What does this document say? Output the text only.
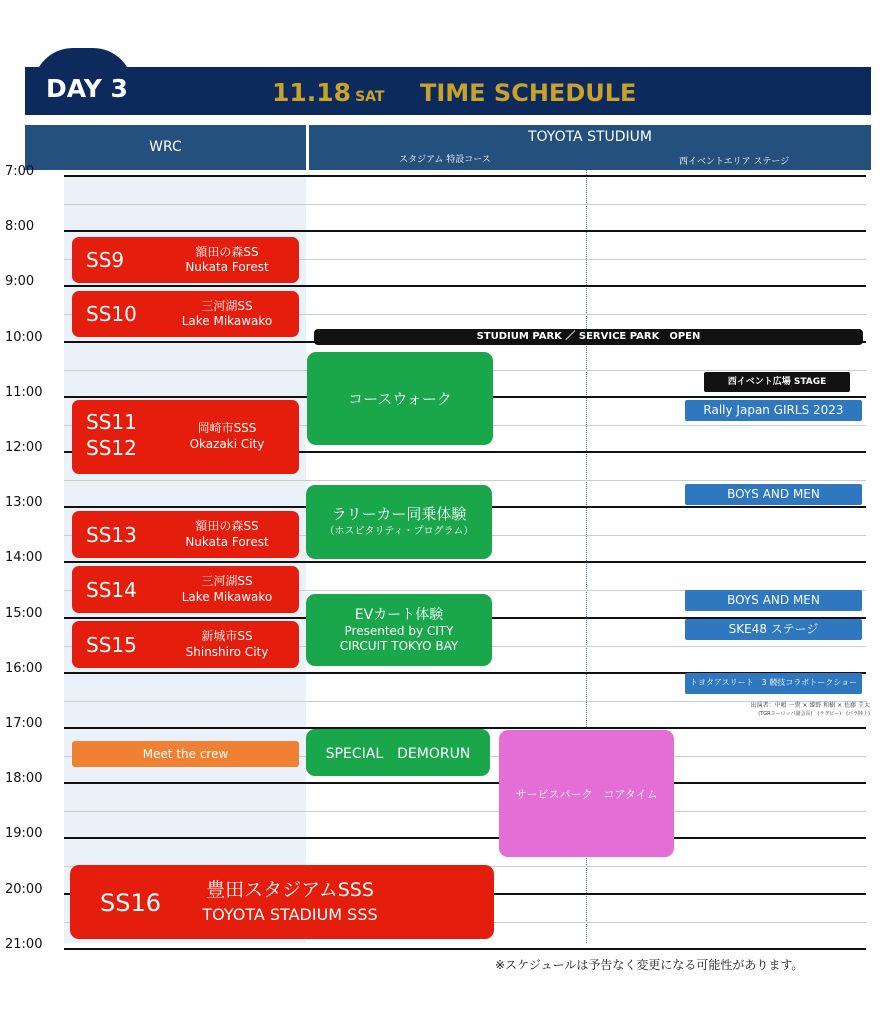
DAY 3	11.18 SAT TIME SCHEDULE
WRC
TOYOTA STUDIUM
スタジアム 特設コース	西イベントエリア ステージ
7:00
8:00
9:00
10:00
11:00
12:00
13:00
14:00
15:00
16:00
17:00
18:00
19:00
20:00
21:00
STUDIUM PARK ／ SERVICE PARK　OPEN
SS9	額田の森SS
Nukata Forest
SS10	三河湖SS
Lake Mikawako
SS11
SS12
岡崎市SSS
Okazaki City
SS13	額田の森SS
Nukata Forest
SS14	三河湖SS
Lake Mikawako
SS15	新城市SS
Shinshiro City
Meet the crew
SS16	豊田スタジアムSSS
TOYOTA STADIUM SSS
コースウォーク
ラリーカー同乗体験
（ホスピタリティ・プログラム）
EVカート体験
Presented by CITY
CIRCUIT TOKYO BAY
SPECIAL　DEMORUN
サービスパーク　コアタイム
西イベント広場 STAGE
Rally Japan GIRLS 2023
BOYS AND MEN
BOYS AND MEN
SKE48 ステージ
トヨタアスリート　3 競技コラボトークショー
出演者：中嶋 一貴 × 姫野 和樹 × 佐藤 圭太
(TGRヨーロッパ副会長)　(ラグビー)　(パラ陸上)
※スケジュールは予告なく変更になる可能性があります。
